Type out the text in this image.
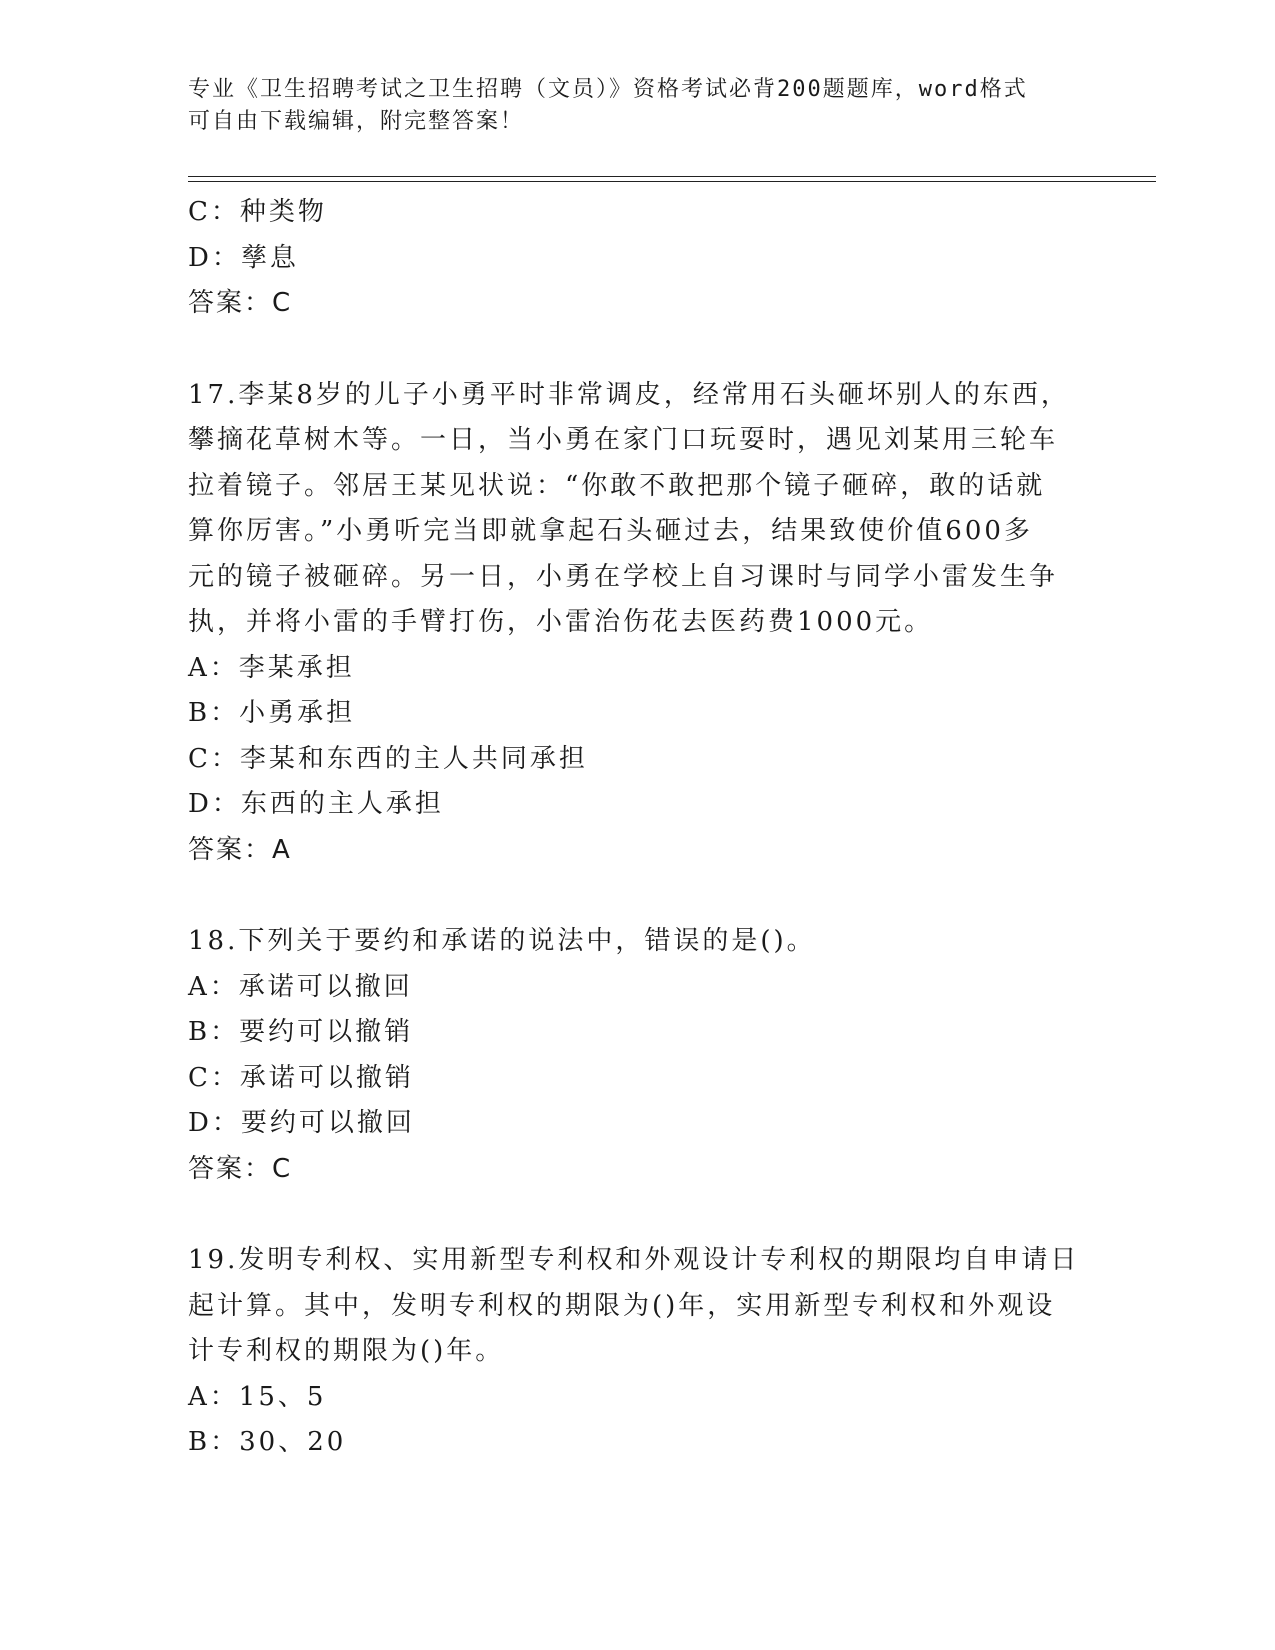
专业《卫生招聘考试之卫生招聘（文员）》资格考试必背200题题库，word格式

可自由下载编辑，附完整答案！

C：种类物
D：孳息
答案：C
17.李某8岁的儿子小勇平时非常调皮，经常用石头砸坏别人的东西，
攀摘花草树木等。一日，当小勇在家门口玩耍时，遇见刘某用三轮车
拉着镜子。邻居王某见状说：“你敢不敢把那个镜子砸碎，敢的话就
算你厉害。”小勇听完当即就拿起石头砸过去，结果致使价值600多
元的镜子被砸碎。另一日，小勇在学校上自习课时与同学小雷发生争
执，并将小雷的手臂打伤，小雷治伤花去医药费1000元。
A：李某承担
B：小勇承担
C：李某和东西的主人共同承担
D：东西的主人承担
答案：A
18.下列关于要约和承诺的说法中，错误的是()。
A：承诺可以撤回
B：要约可以撤销
C：承诺可以撤销
D：要约可以撤回
答案：C
19.发明专利权、实用新型专利权和外观设计专利权的期限均自申请日
起计算。其中，发明专利权的期限为()年，实用新型专利权和外观设
计专利权的期限为()年。
A：15、5
B：30、20
